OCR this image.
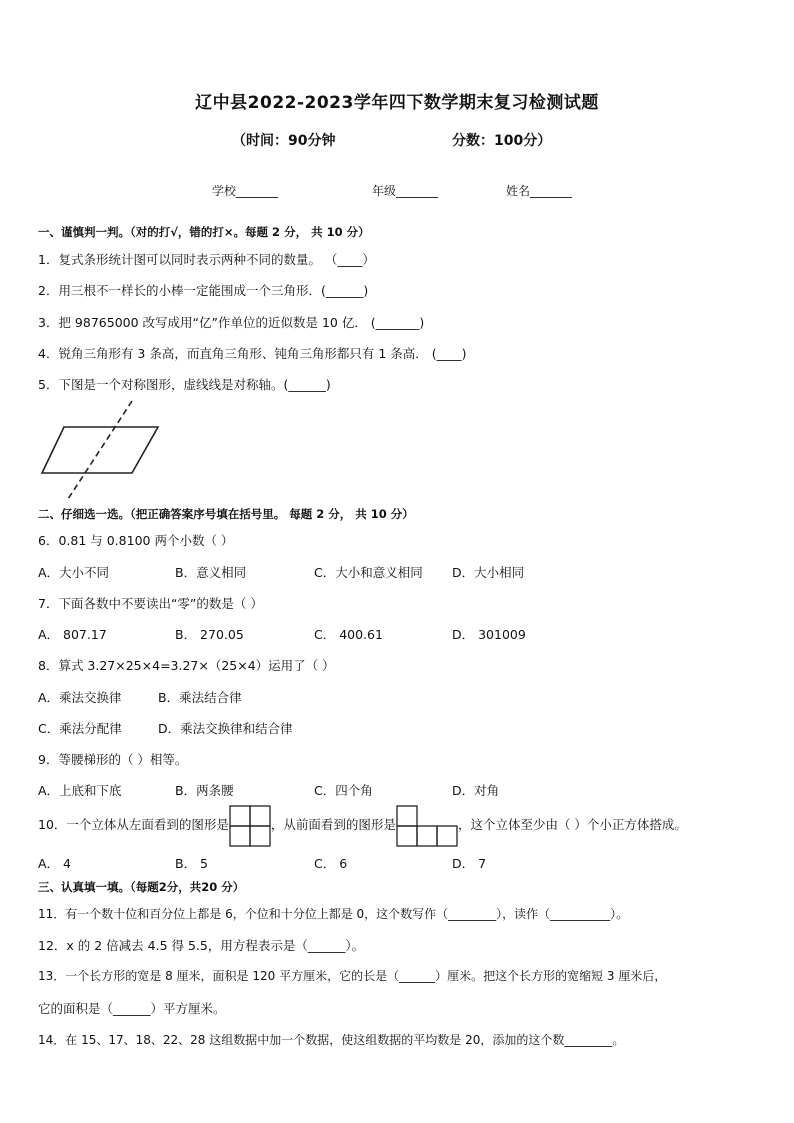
辽中县2022-2023学年四下数学期末复习检测试题
（时间：90分钟	分数：100分）
学校_______	年级_______	姓名_______
一、谨慎判一判。（对的打√，错的打×。每题 2 分， 共 10 分）
1．复式条形统计图可以同时表示两种不同的数量。 （____）
2．用三根不一样长的小棒一定能围成一个三角形．(______)
3．把 98765000 改写成用“亿”作单位的近似数是 10 亿． (_______)
4．锐角三角形有 3 条高，而直角三角形、钝角三角形都只有 1 条高． (____)
5．下图是一个对称图形，虚线线是对称轴。(______)
二、仔细选一选。（把正确答案序号填在括号里。 每题 2 分， 共 10 分）
6．0.81 与 0.8100 两个小数（ ）
A．大小不同	B．意义相同	C．大小和意义相同 D．大小相同
7．下面各数中不要读出“零”的数是（ ）
A． 807.17	B． 270.05	C． 400.61	D． 301009
8．算式 3.27×25×4=3.27×（25×4）运用了（ ）
A．乘法交换律	B．乘法结合律
C．乘法分配律	D．乘法交换律和结合律
9．等腰梯形的（ ）相等。
A．上底和下底	B．两条腰	C．四个角	D．对角
10．一个立体从左面看到的图形是	，从前面看到的图形是	，这个立体至少由（ ）个小正方体搭成。
A． 4	B． 5	C． 6	D． 7
三、认真填一填。（每题2分，共20 分）
11．有一个数十位和百分位上都是 6，个位和十分位上都是 0，这个数写作（________），读作（__________）。
12．x 的 2 倍减去 4.5 得 5.5，用方程表示是（______）。
13．一个长方形的宽是 8 厘米，面积是 120 平方厘米，它的长是（______）厘米。把这个长方形的宽缩短 3 厘米后，
它的面积是（______）平方厘米。
14．在 15、17、18、22、28 这组数据中加一个数据，使这组数据的平均数是 20，添加的这个数________。
